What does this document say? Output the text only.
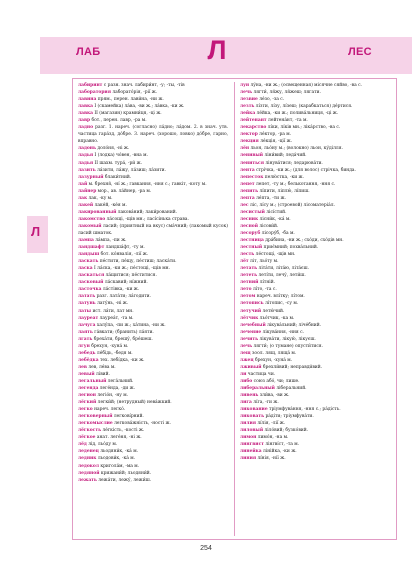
ЛАБ	Л	ЛЕС
Л

лабиринт с разн. знач. лабири́нт, -у; -ты, -тів

лаборатория лаборато́рія, -рії ж.

лавина прям., перен. лави́на, -ни ж.

лавка I (скамейка) ла́ва, -ви ж.; ла́вка, -ки ж.

лавка II (магазин) крамни́ця, -ці ж.

лавр бот., перен. лавр, -ра м.

ладно разг. 1. нареч. (согласно) ла́дно; ла́дом. 2. в знач. утв. частица гара́зд, до́бре. 3. нареч. (хорошо, ловко) до́бре, гарно, вправно.

ладонь доло́ня, -ні ж.

ладья I (лодка) чо́вен, -вна м.

ладья II шахм. тура́, -ри́ ж.

лазить ла́зити, ла́жу, ла́зиш; ла́зити.

лазурный блаки́тний.

лай м. брехня́, -ні́ ж.; гавкання, -ння с.; гавкіт, -коту м.

лайнер мор., ав. ла́йнер, -ра м.

лак лак, -ку м.

лакей лаке́й, -ке́я м.

лакированный лакова́ний; лаки́рований.

лакомство ла́сощі, -щів мн.; ласі́сінька страва.

лакомый ласий; (приятный на вкус) сма́чний; (лакомый кусок) ласий шматок.

лампа ла́мпа, -пи ж.

ландшафт ландша́фт, -ту м.

ландыш бот. ко́нвалія, -лії ж.

ласкать пе́стити, пе́щу, пе́стиш; ласка́ти.

ласка I ла́ска, -ки ж.; пе́стощі, -щів мн.

ласкаться ла́щитися; пе́ститися.

ласковый ла́скавий; ні́жний.

ласточка ла́стівка, -ки ж.

латать разг. лата́ти; ла́годити.

латунь лату́нь, -ні ж.

латы ист. ла́ти, лат мн.

лауреат лауреа́т, -та м.

лачуга халу́па, -пи ж.; ха́тина, -ни ж.

лаять га́вкати; (бранить) ла́яти.

лгать бреха́ти, брешу́, бре́шеш.

лгун брехун, -хуна́ м.

лебедь ле́бідь, -бедя м.

лебёдка тех. лебі́дка, -ки ж.

лев лев, ле́ва м.

левый лі́вий.

легальный лега́льний.

легенда леге́нда, -ди ж.

легион легіо́н, -ну м.

лёгкий легки́й; (нетрудный) нева́жкий.

легко нареч. легко́.

легковерный легкові́рний.

легкомыслие легкова́жність, -ності ж.

лёгкость ле́гкість, -кості ж.

лёгкое анат. леге́ня, -ні ж.

лёд лід, льо́ду м.

леденец льодяни́к, -ка́ м.

ледник льодови́к, -ка́ м.

ледокол кригола́м, -ма м.

ледяной крижани́й; льодяни́й.

лежать лежа́ти, лежу́, лежи́ш.

лун лу́на, -ни ж.; (освещенная) місячне сяйво, -ва с.

лечь лягти́, ля́жу, ля́жеш; лягати.

лезвие ле́зо, -за с.

лезть лі́зти, лі́зу, лі́зеш; (карабкаться) де́ртися.

лейка ле́йка, -ки ж.; полива́льниця, -ці ж.

лейтенант лейтена́нт, -та м.

лекарство лі́ки, лі́ків мн.; ліка́рство, -ва с.

лектор ле́ктор, -ра м.

лекция ле́кція, -ції ж.

лён льон, льо́ну м.; (волокно) льон, ку́ділля.

ленивый ліни́вий; леда́чий.

лениться лінува́тися; ледарюва́ти.

лента стрі́чка, -ки ж.; (для волос) стрічка, бинда.

лепесток пелю́стка, -ки ж.

лепет лепет, -ту м.; белькотання, -ння с.

лепить лі́пити, ліплю́, лі́пиш.

лепта ле́пта, -ти ж.

лес ліс, лі́су м.; (строевой) лісоматеріа́л.

лесистый лісі́стий.

лесник лісни́к, -ка́ м.

лесной лісови́й.

лесоруб лісору́б, -ба м.

лестница дра́бина, -ни ж.; схо́ди, схо́дів мн.

лестный приє́мний; похва́льний.

лесть ле́стощі, -щів мн.

лёт літ, льо́ту м.

летать літа́ти, літа́ю, літа́єш.

лететь леті́ти, лечу́, лети́ш.

летний лі́тній.

лето лі́то, -та с.

летом нареч. влі́тку; лі́том.

летопись лі́топис, -су м.

летучий летю́чий.

лётчик льо́тчик, -ка м.

лечебный лікува́льний; ліче́бний.

лечение лікува́ння, -ння с.

лечить лікува́ти, лікую́, лікуєш.

лечь лягти́; (о тумане) опусти́тися.

лещ зоол. лящ, ляща́ м.

лжец брехун, -хуна́ м.

лживый брехли́вий; неправди́вий.

ли частица чи.

либо союз або́, чи; лише.

либеральный ліберальний.

ливень зли́ва, -ви ж.

лига лі́га, -ги ж.

ликование тріумфува́ння, -ння с.; ра́дість.

ликовать ра́діти; тріумфува́ти.

лилия лі́лія, -лії ж.

лиловый ліло́вий; бузко́вий.

лимон лимо́н, -на м.

лингвист лінгві́ст, -та м.

линейка лінійка, -ки ж.

линия лі́нія, -нії ж.

254
